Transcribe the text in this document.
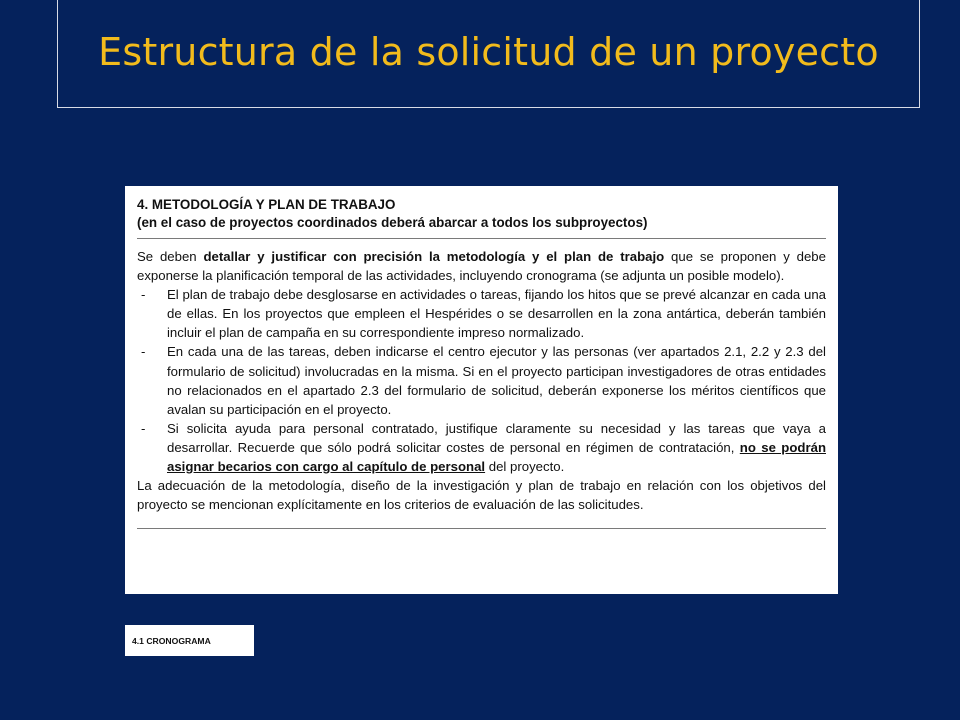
Estructura de la solicitud de un proyecto
4. METODOLOGÍA Y PLAN DE TRABAJO
(en el caso de proyectos coordinados deberá abarcar a todos los subproyectos)
Se deben detallar y justificar con precisión la metodología y el plan de trabajo que se proponen y debe exponerse la planificación temporal de las actividades, incluyendo cronograma (se adjunta un posible modelo).
-	El plan de trabajo debe desglosarse en actividades o tareas, fijando los hitos que se prevé alcanzar en cada una de ellas. En los proyectos que empleen el Hespérides o se desarrollen en la zona antártica, deberán también incluir el plan de campaña en su correspondiente impreso normalizado.
-	En cada una de las tareas, deben indicarse el centro ejecutor y las personas (ver apartados 2.1, 2.2 y 2.3 del formulario de solicitud) involucradas en la misma. Si en el proyecto participan investigadores de otras entidades no relacionados en el apartado 2.3 del formulario de solicitud, deberán exponerse los méritos científicos que avalan su participación en el proyecto.
-	Si solicita ayuda para personal contratado, justifique claramente su necesidad y las tareas que vaya a desarrollar. Recuerde que sólo podrá solicitar costes de personal en régimen de contratación, no se podrán asignar becarios con cargo al capítulo de personal del proyecto.
La adecuación de la metodología, diseño de la investigación y plan de trabajo en relación con los objetivos del proyecto se mencionan explícitamente en los criterios de evaluación de las solicitudes.
4.1 CRONOGRAMA
